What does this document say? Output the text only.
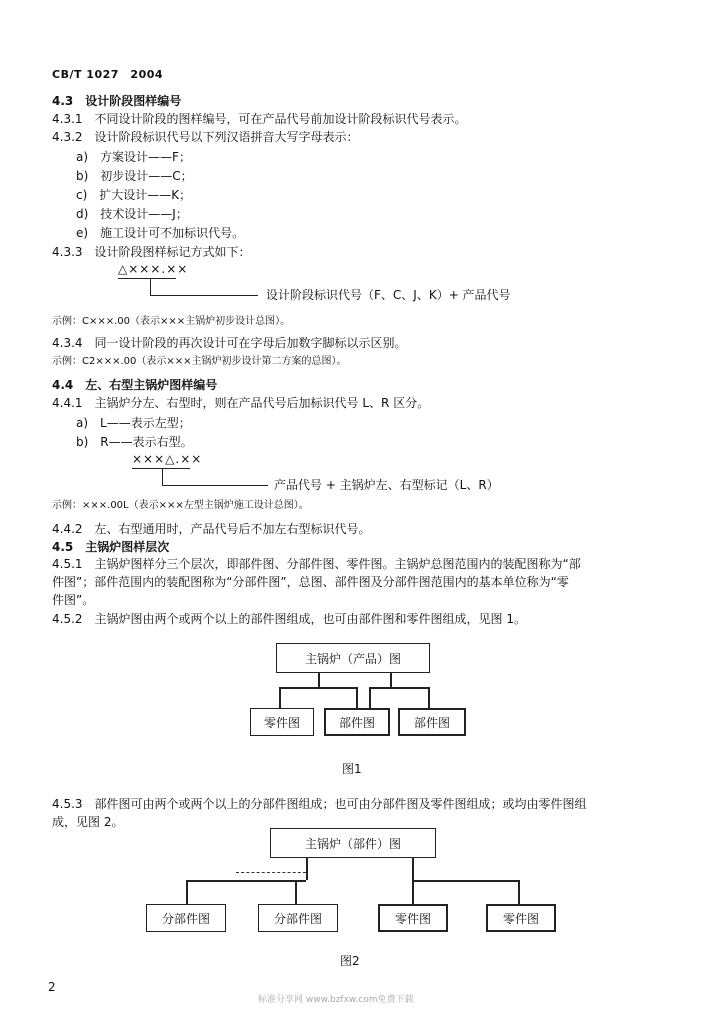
CB/T 1027　2004
4.3　设计阶段图样编号
4.3.1　不同设计阶段的图样编号，可在产品代号前加设计阶段标识代号表示。
4.3.2　设计阶段标识代号以下列汉语拼音大写字母表示：
a)　方案设计——F；
b)　初步设计——C；
c)　扩大设计——K；
d)　技术设计——J；
e)　施工设计可不加标识代号。
4.3.3　设计阶段图样标记方式如下：
△×××.××
设计阶段标识代号（F、C、J、K）+ 产品代号
示例：C×××.00（表示×××主锅炉初步设计总图）。
4.3.4　同一设计阶段的再次设计可在字母后加数字脚标以示区别。
示例：C2×××.00（表示×××主锅炉初步设计第二方案的总图）。
4.4　左、右型主锅炉图样编号
4.4.1　主锅炉分左、右型时，则在产品代号后加标识代号 L、R 区分。
a)　L——表示左型；
b)　R——表示右型。
×××△.××
产品代号 + 主锅炉左、右型标记（L、R）
示例：×××.00L（表示×××左型主锅炉施工设计总图）。
4.4.2　左、右型通用时，产品代号后不加左右型标识代号。
4.5　主锅炉图样层次
4.5.1　主锅炉图样分三个层次，即部件图、分部件图、零件图。主锅炉总图范围内的装配图称为“部
件图”；部件范围内的装配图称为“分部件图”，总图、部件图及分部件图范围内的基本单位称为“零
件图”。
4.5.2　主锅炉图由两个或两个以上的部件图组成，也可由部件图和零件图组成，见图 1。
主锅炉（产品）图
零件图	部件图	部件图
图1
4.5.3　部件图可由两个或两个以上的分部件图组成；也可由分部件图及零件图组成；或均由零件图组
成，见图 2。
主锅炉（部件）图
分部件图	分部件图	零件图	零件图
图2
2
标准分享网 www.bzfxw.com免费下载
